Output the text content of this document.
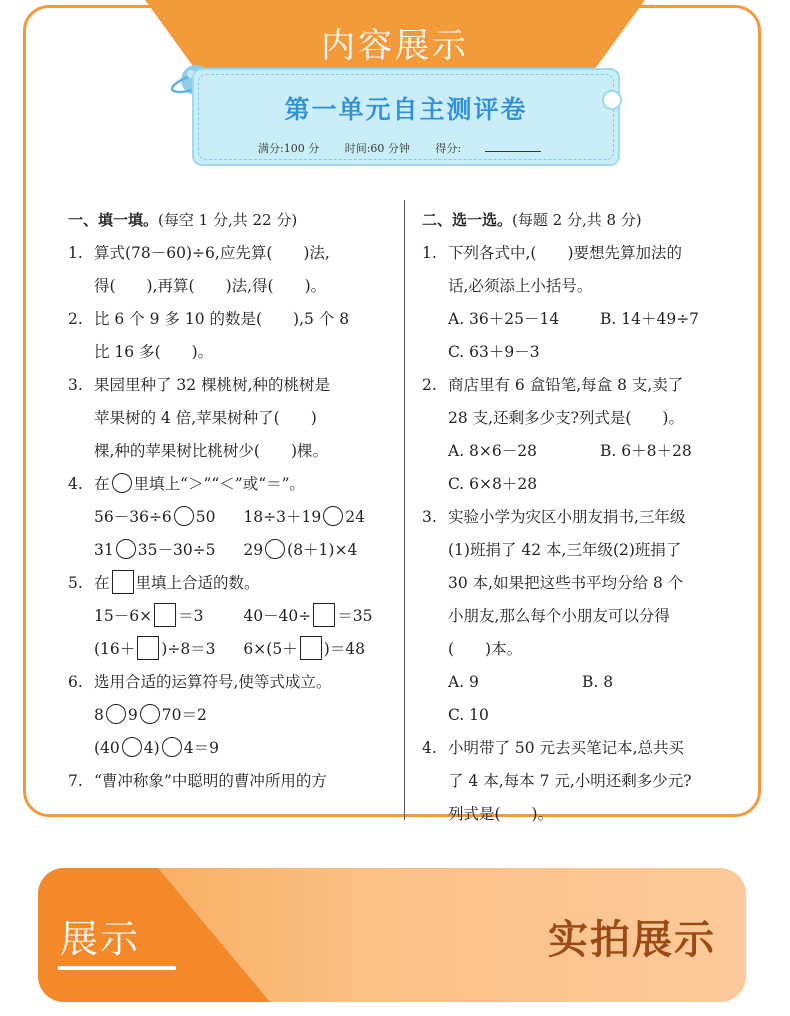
内容展示
第一单元自主测评卷
满分:100 分 时间:60 分钟 得分:
一、填一填。(每空 1 分,共 22 分)
1. 算式(78－60)÷6,应先算(　　)法,
得(　　),再算(　　)法,得(　　)。
2. 比 6 个 9 多 10 的数是(　　),5 个 8
比 16 多(　　)。
3. 果园里种了 32 棵桃树,种的桃树是
苹果树的 4 倍,苹果树种了(　　)
棵,种的苹果树比桃树少(　　)棵。
4. 在 里填上“＞”“＜”或“＝”。
56－36÷6 50 18÷3＋19 24
31 35－30÷5 29 (8＋1)×4
5. 在 里填上合适的数。
15－6× ＝3	40－40÷ ＝35
(16＋ )÷8＝3 6×(5＋ )＝48
6. 选用合适的运算符号,使等式成立。
8 9 70＝2
(40 4) 4＝9
7. “曹冲称象”中聪明的曹冲所用的方
二、选一选。(每题 2 分,共 8 分)
1. 下列各式中,(　　)要想先算加法的
话,必须添上小括号。
A. 36＋25－14	B. 14＋49÷7
C. 63＋9－3
2. 商店里有 6 盒铅笔,每盒 8 支,卖了
28 支,还剩多少支?列式是(　　)。
A. 8×6－28	B. 6＋8＋28
C. 6×8＋28
3. 实验小学为灾区小朋友捐书,三年级
(1)班捐了 42 本,三年级(2)班捐了
30 本,如果把这些书平均分给 8 个
小朋友,那么每个小朋友可以分得
(　　)本。
A. 9	B. 8
C. 10
4. 小明带了 50 元去买笔记本,总共买
了 4 本,每本 7 元,小明还剩多少元?
列式是(　　)。
展示	实拍展示
